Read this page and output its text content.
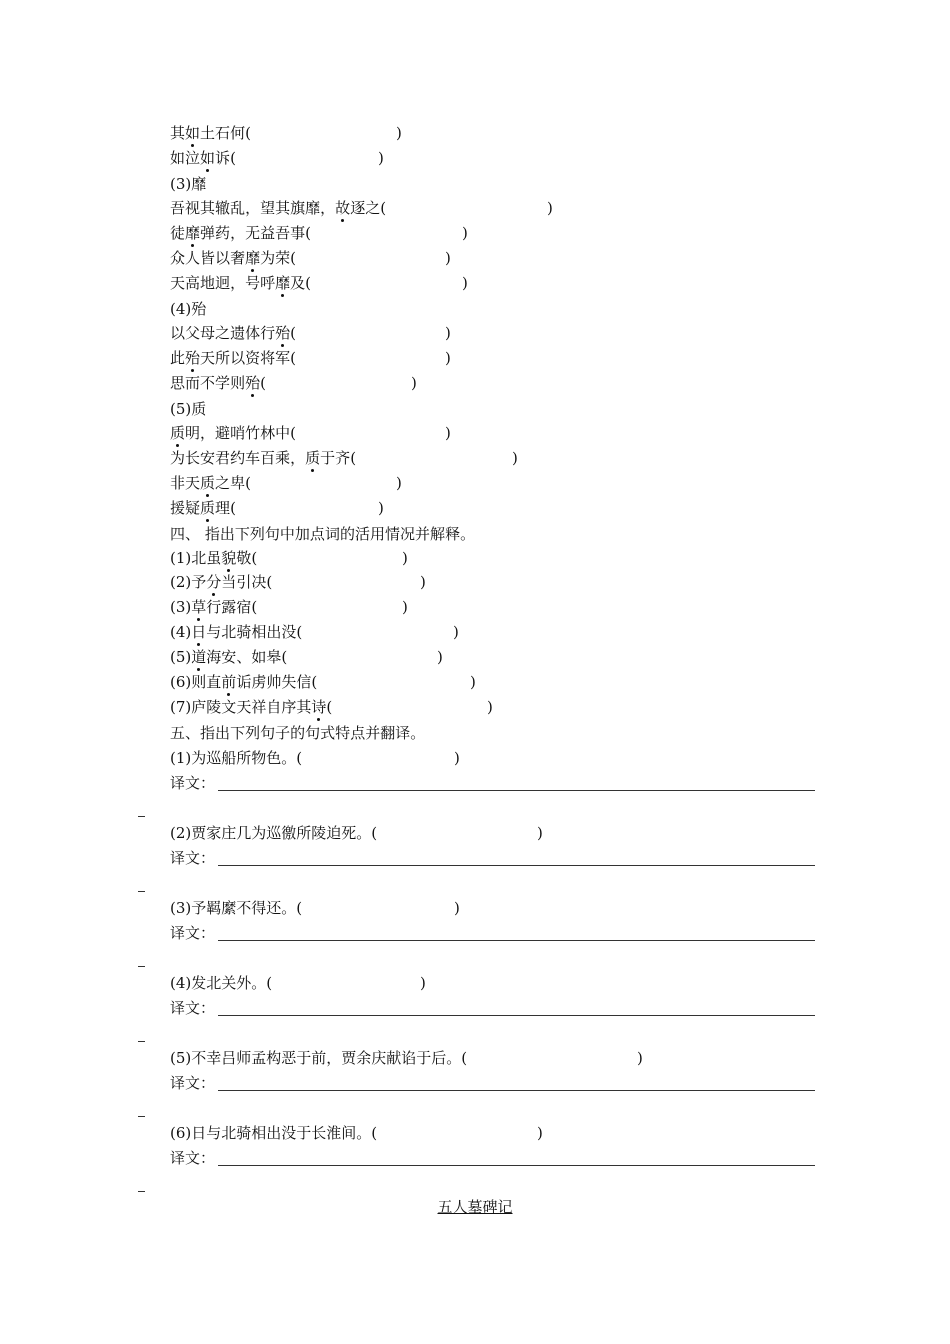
其如土石何(	)
如泣如诉(	)
(3)靡
吾视其辙乱，望其旗靡，故逐之(	)
徒靡弹药，无益吾事(	)
众人皆以奢靡为荣(	)
天高地迥，号呼靡及(	)
(4)殆
以父母之遗体行殆(	)
此殆天所以资将军(	)
思而不学则殆(	)
(5)质
质明，避哨竹林中(	)
为长安君约车百乘，质于齐(	)
非天质之卑(	)
援疑质理(	)
四、 指出下列句中加点词的活用情况并解释。
(1)北虽貌敬(	)
(2)予分当引决(	)
(3)草行露宿(	)
(4)日与北骑相出没(	)
(5)道海安、如皋(	)
(6)则直前诟虏帅失信(	)
(7)庐陵文天祥自序其诗(	)
五、指出下列句子的句式特点并翻译。
(1)为巡船所物色。(	)
译文：
(2)贾家庄几为巡徼所陵迫死。(	)
译文：
(3)予羁縻不得还。(	)
译文：
(4)发北关外。(	)
译文：
(5)不幸吕师孟构恶于前，贾余庆献谄于后。(	)
译文：
(6)日与北骑相出没于长淮间。(	)
译文：
五人墓碑记
